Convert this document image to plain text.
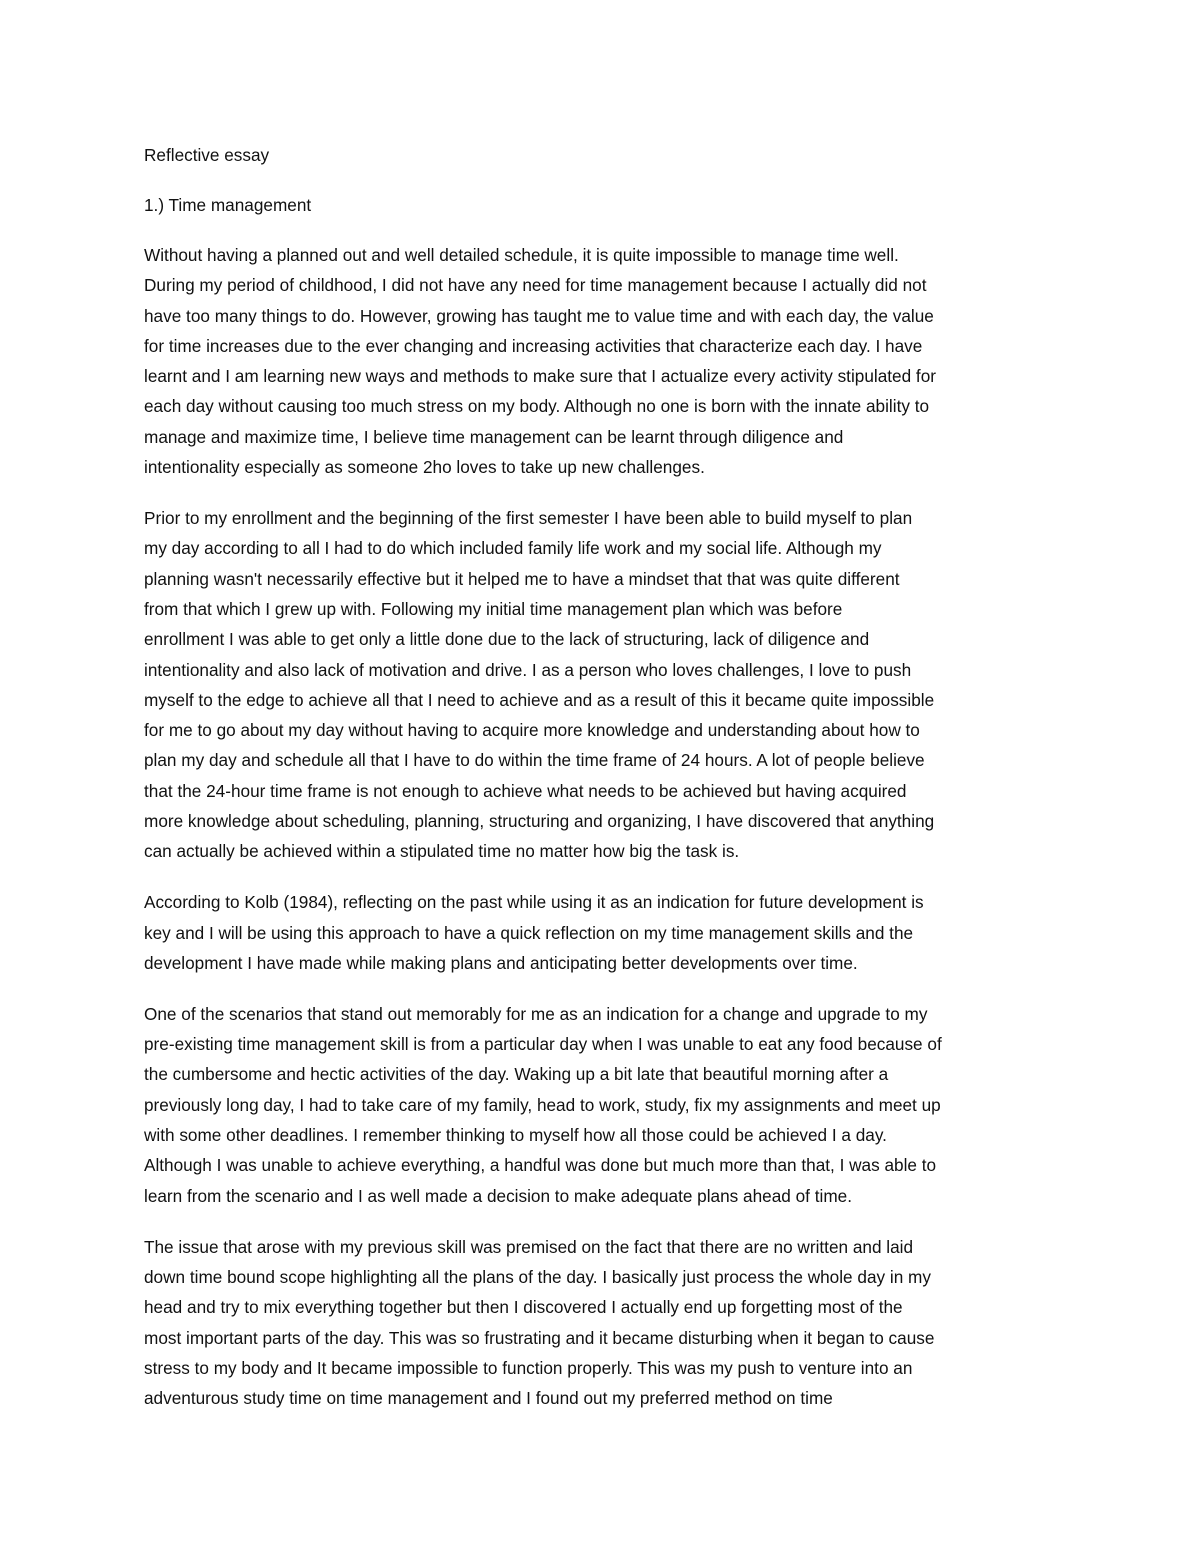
Reflective essay
1.) Time management
Without having a planned out and well detailed schedule, it is quite impossible to manage time well.
During my period of childhood, I did not have any need for time management because I actually did not
have too many things to do. However, growing has taught me to value time and with each day, the value
for time increases due to the ever changing and increasing activities that characterize each day. I have
learnt and I am learning new ways and methods to make sure that I actualize every activity stipulated for
each day without causing too much stress on my body. Although no one is born with the innate ability to
manage and maximize time, I believe time management can be learnt through diligence and
intentionality especially as someone 2ho loves to take up new challenges.
Prior to my enrollment and the beginning of the first semester I have been able to build myself to plan
my day according to all I had to do which included family life work and my social life. Although my
planning wasn't necessarily effective but it helped me to have a mindset that that was quite different
from that which I grew up with. Following my initial time management plan which was before
enrollment I was able to get only a little done due to the lack of structuring, lack of diligence and
intentionality and also lack of motivation and drive. I as a person who loves challenges, I love to push
myself to the edge to achieve all that I need to achieve and as a result of this it became quite impossible
for me to go about my day without having to acquire more knowledge and understanding about how to
plan my day and schedule all that I have to do within the time frame of 24 hours. A lot of people believe
that the 24-hour time frame is not enough to achieve what needs to be achieved but having acquired
more knowledge about scheduling, planning, structuring and organizing, I have discovered that anything
can actually be achieved within a stipulated time no matter how big the task is.
According to Kolb (1984), reflecting on the past while using it as an indication for future development is
key and I will be using this approach to have a quick reflection on my time management skills and the
development I have made while making plans and anticipating better developments over time.
One of the scenarios that stand out memorably for me as an indication for a change and upgrade to my
pre-existing time management skill is from a particular day when I was unable to eat any food because of
the cumbersome and hectic activities of the day. Waking up a bit late that beautiful morning after a
previously long day, I had to take care of my family, head to work, study, fix my assignments and meet up
with some other deadlines. I remember thinking to myself how all those could be achieved I a day.
Although I was unable to achieve everything, a handful was done but much more than that, I was able to
learn from the scenario and I as well made a decision to make adequate plans ahead of time.
The issue that arose with my previous skill was premised on the fact that there are no written and laid
down time bound scope highlighting all the plans of the day. I basically just process the whole day in my
head and try to mix everything together but then I discovered I actually end up forgetting most of the
most important parts of the day. This was so frustrating and it became disturbing when it began to cause
stress to my body and It became impossible to function properly. This was my push to venture into an
adventurous study time on time management and I found out my preferred method on time
